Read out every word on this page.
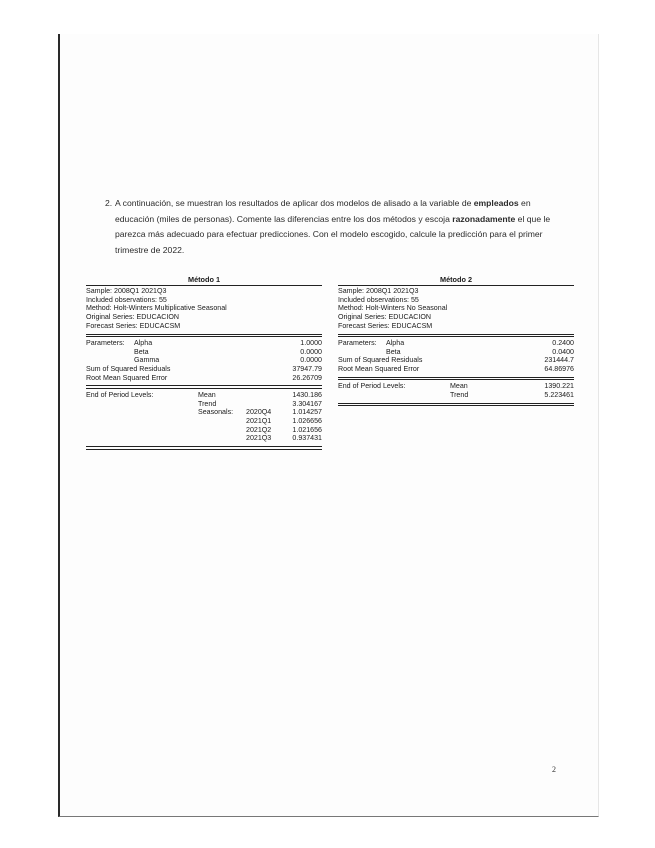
2. A continuación, se muestran los resultados de aplicar dos modelos de alisado a la variable de empleados en educación (miles de personas). Comente las diferencias entre los dos métodos y escoja razonadamente el que le parezca más adecuado para efectuar predicciones. Con el modelo escogido, calcule la predicción para el primer trimestre de 2022.
Método 1
Sample: 2008Q1 2021Q3
Included observations: 55
Method: Holt-Winters Multiplicative Seasonal
Original Series: EDUCACION
Forecast Series: EDUCACSM
Parameters: Alpha	1.0000
Beta	0.0000
Gamma	0.0000
Sum of Squared Residuals	37947.79
Root Mean Squared Error	26.26709
End of Period Levels:	Mean	1430.186
Trend	3.304167
Seasonals: 2020Q4	1.014257
2021Q1	1.026656
2021Q2	1.021656
2021Q3	0.937431
Método 2
Sample: 2008Q1 2021Q3
Included observations: 55
Method: Holt-Winters No Seasonal
Original Series: EDUCACION
Forecast Series: EDUCACSM
Parameters: Alpha	0.2400
Beta	0.0400
Sum of Squared Residuals	231444.7
Root Mean Squared Error	64.86976
End of Period Levels:	Mean	1390.221
Trend	5.223461
2
